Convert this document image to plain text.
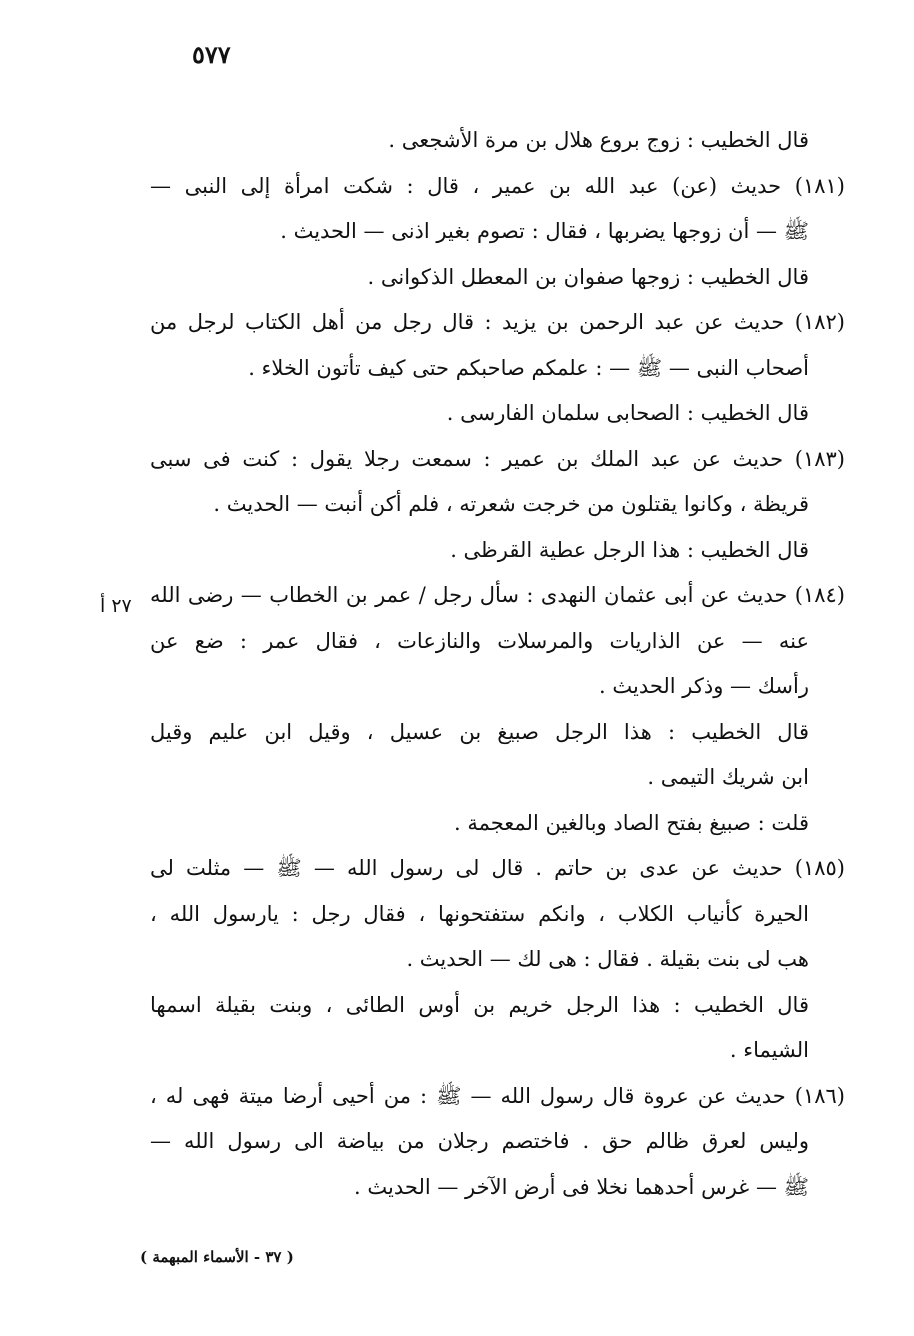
٥٧٧
قال الخطيب : زوج بروع هلال بن مرة الأشجعى .
(١٨١) حديث (عن) عبد الله بن عمير ، قال : شكت امرأة إلى النبى —
ﷺ — أن زوجها يضربها ، فقال : تصوم بغير اذنى — الحديث .
قال الخطيب : زوجها صفوان بن المعطل الذكوانى .
(١٨٢) حديث عن عبد الرحمن بن يزيد : قال رجل من أهل الكتاب لرجل من
أصحاب النبى — ﷺ — : علمكم صاحبكم حتى كيف تأتون الخلاء .
قال الخطيب : الصحابى سلمان الفارسى .
(١٨٣) حديث عن عبد الملك بن عمير : سمعت رجلا يقول : كنت فى سبى
قريظة ، وكانوا يقتلون من خرجت شعرته ، فلم أكن أنبت — الحديث .
قال الخطيب : هذا الرجل عطية القرظى .
(١٨٤) حديث عن أبى عثمان النهدى : سأل رجل / عمر بن الخطاب — رضى الله
عنه — عن الذاريات والمرسلات والنازعات ، فقال عمر : ضع عن
رأسك — وذكر الحديث .
قال الخطيب : هذا الرجل صبيغ بن عسيل ، وقيل ابن عليم وقيل
ابن شريك التيمى .
قلت : صبيغ بفتح الصاد وبالغين المعجمة .
(١٨٥) حديث عن عدى بن حاتم . قال لى رسول الله — ﷺ — مثلت لى
الحيرة كأنياب الكلاب ، وانكم ستفتحونها ، فقال رجل : يارسول الله ،
هب لى بنت بقيلة . فقال : هى لك — الحديث .
قال الخطيب : هذا الرجل خريم بن أوس الطائى ، وبنت بقيلة اسمها
الشيماء .
(١٨٦) حديث عن عروة قال رسول الله — ﷺ : من أحيى أرضا ميتة فهى له ،
وليس لعرق ظالم حق . فاختصم رجلان من بياضة الى رسول الله —
ﷺ — غرس أحدهما نخلا فى أرض الآخر — الحديث .
٢٧ أ
( ٣٧ - الأسماء المبهمة )
